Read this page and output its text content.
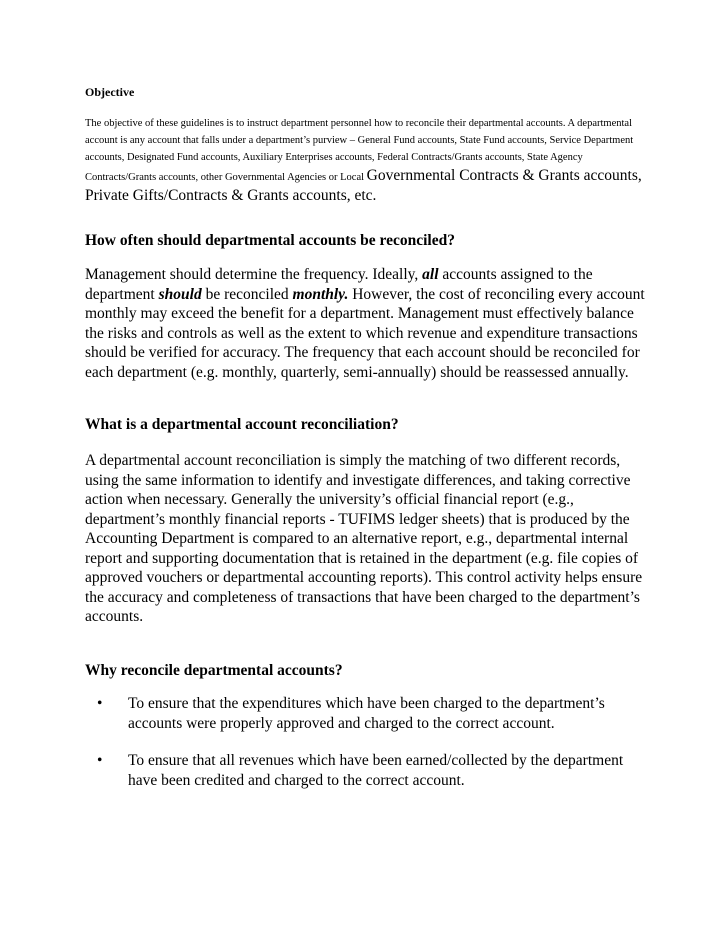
Objective

The objective of these guidelines is to instruct department personnel how to reconcile their departmental accounts. A departmental account is any account that falls under a department’s purview – General Fund accounts, State Fund accounts, Service Department accounts, Designated Fund accounts, Auxiliary Enterprises accounts, Federal Contracts/Grants accounts, State Agency Contracts/Grants accounts, other Governmental Agencies or Local Governmental Contracts & Grants accounts, Private Gifts/Contracts & Grants accounts, etc.

How often should departmental accounts be reconciled?

Management should determine the frequency. Ideally, all accounts assigned to the department should be reconciled monthly. However, the cost of reconciling every account monthly may exceed the benefit for a department. Management must effectively balance the risks and controls as well as the extent to which revenue and expenditure transactions should be verified for accuracy. The frequency that each account should be reconciled for each department (e.g. monthly, quarterly, semi-annually) should be reassessed annually.

What is a departmental account reconciliation?

A departmental account reconciliation is simply the matching of two different records, using the same information to identify and investigate differences, and taking corrective action when necessary. Generally the university’s official financial report (e.g., department’s monthly financial reports - TUFIMS ledger sheets) that is produced by the Accounting Department is compared to an alternative report, e.g., departmental internal report and supporting documentation that is retained in the department (e.g. file copies of approved vouchers or departmental accounting reports). This control activity helps ensure the accuracy and completeness of transactions that have been charged to the department’s accounts.

Why reconcile departmental accounts?
• To ensure that the expenditures which have been charged to the department’s accounts were properly approved and charged to the correct account.
• To ensure that all revenues which have been earned/collected by the department have been credited and charged to the correct account.
